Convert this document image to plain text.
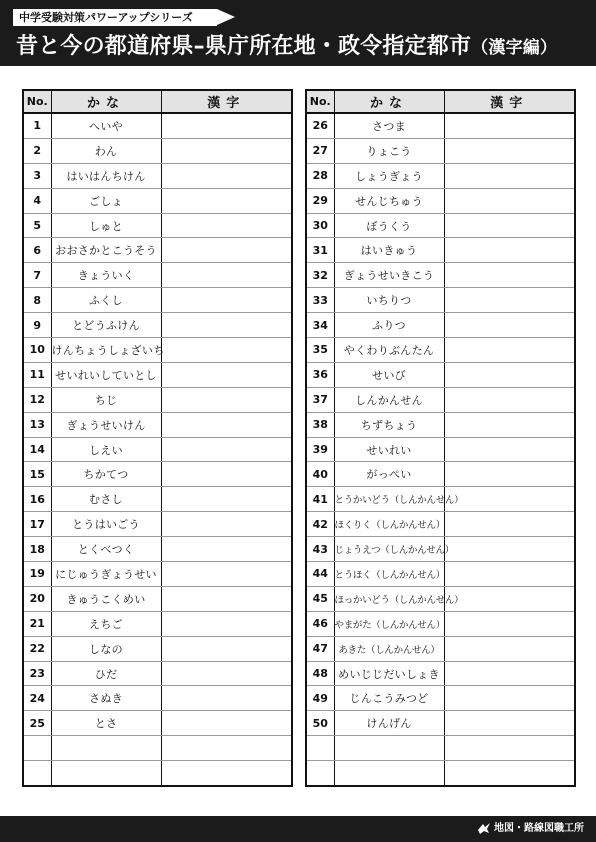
中学受験対策パワーアップシリーズ
昔と今の都道府県–県庁所在地・政令指定都市（漢字編）
No.	かな	漢字
1	へいや	
2	わん	
3	はいはんちけん	
4	ごしょ	
5	しゅと	
6	おおさかとこうそう	
7	きょういく	
8	ふくし	
9	とどうふけん	
10	けんちょうしょざいち	
11	せいれいしていとし	
12	ちじ	
13	ぎょうせいけん	
14	しえい	
15	ちかてつ	
16	むさし	
17	とうはいごう	
18	とくべつく	
19	にじゅうぎょうせい	
20	きゅうこくめい	
21	えちご	
22	しなの	
23	ひだ	
24	さぬき	
25	とさ	

No.	かな	漢字
26	さつま	
27	りょこう	
28	しょうぎょう	
29	せんじちゅう	
30	ぼうくう	
31	はいきゅう	
32	ぎょうせいきこう	
33	いちりつ	
34	ふりつ	
35	やくわりぶんたん	
36	せいび	
37	しんかんせん	
38	ちずちょう	
39	せいれい	
40	がっぺい	
41	とうかいどう（しんかんせん）	
42	ほくりく（しんかんせん）	
43	じょうえつ（しんかんせん）	
44	とうほく（しんかんせん）	
45	ほっかいどう（しんかんせん）	
46	やまがた（しんかんせん）	
47	あきた（しんかんせん）	
48	めいじじだいしょき	
49	じんこうみつど	
50	けんげん	

地図・路線図職工所
